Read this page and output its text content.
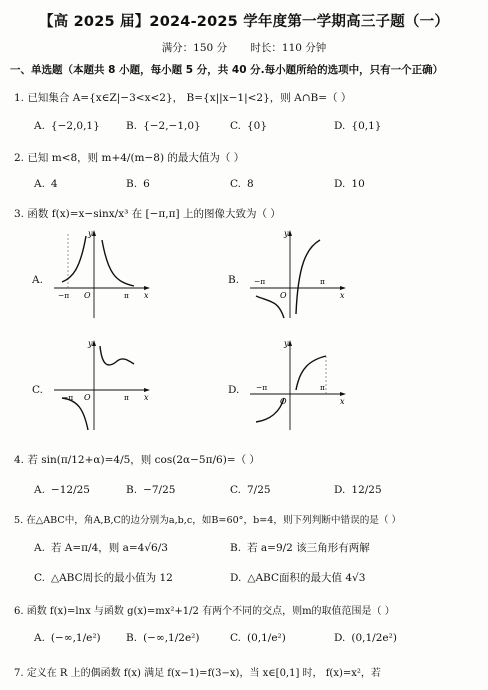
【高 2025 届】2024-2025 学年度第一学期高三子题（一）
满分：150 分 时长：110 分钟
一、单选题（本题共 8 小题，每小题 5 分，共 40 分.每小题所给的选项中，只有一个正确）
1. 已知集合 A={x∈Z|−3<x<2}， B={x||x−1|<2}，则 A∩B=（ ）
A. {−2,0,1} B. {−2,−1,0}	C. {0}	D. {0,1}
2. 已知 m<8，则 m+4/(m−8) 的最大值为（ ）
A. 4	B. 6	C. 8	D. 10
3. 函数 f(x)=x−sinx/x³ 在 [−π,π] 上的图像大致为（ ）
A.
y
x
O
−π	π
B.
y
x
O
−π	π
C.
y
x
O
−π	π
D.
y
x
O
−π	π
4. 若 sin(π/12+α)=4/5，则 cos(2α−5π/6)=（ ）
A. −12/25	B. −7/25	C. 7/25	D. 12/25
5. 在△ABC中，角A,B,C的边分别为a,b,c，如B=60°，b=4，则下列判断中错误的是（ ）
A. 若 A=π/4，则 a=4√6/3	B. 若 a=9/2 该三角形有两解
C. △ABC周长的最小值为 12	D. △ABC面积的最大值 4√3
6. 函数 f(x)=lnx 与函数 g(x)=mx²+1/2 有两个不同的交点，则m的取值范围是（ ）
A. (−∞,1/e²) B. (−∞,1/2e²)	C. (0,1/e²)	D. (0,1/2e²)
7. 定义在 R 上的偶函数 f(x) 满足 f(x−1)=f(3−x)，当 x∈[0,1] 时， f(x)=x²，若
